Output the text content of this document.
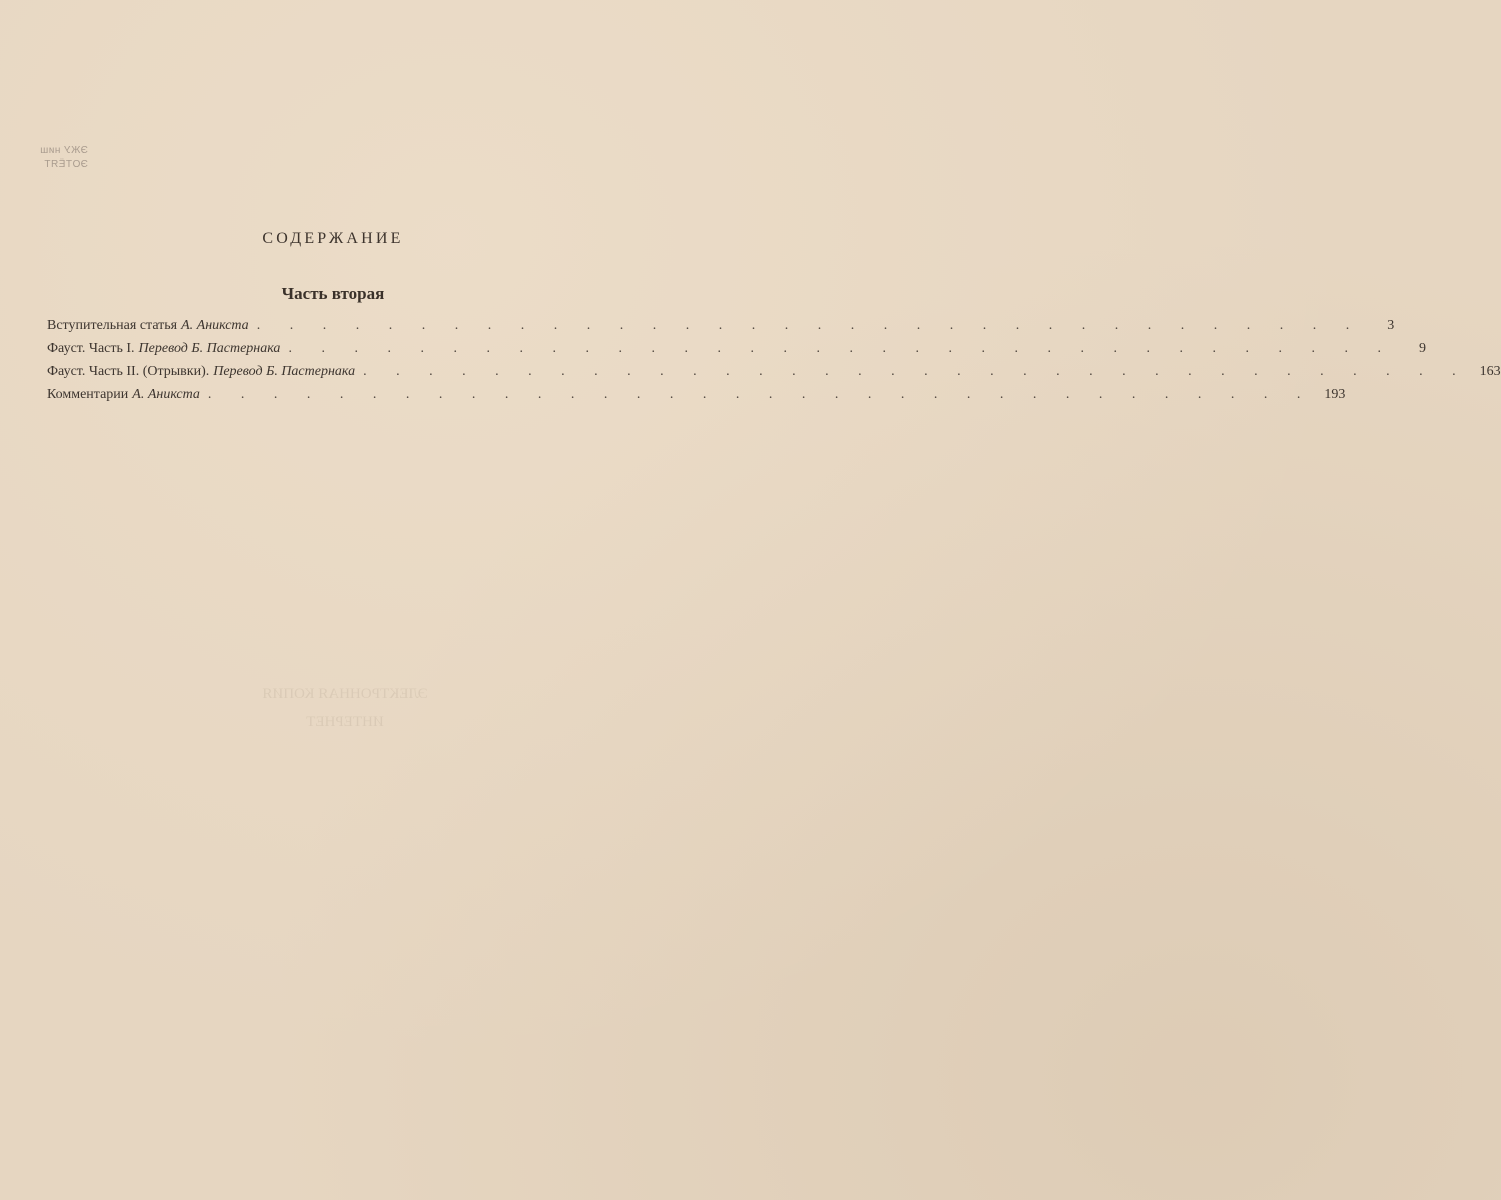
ЭЖУ ниш
ЭОТЁЯТ
ЭЛЕКТРОННАЯ КОПИЯ
ИНТЕРНЕТ
СОДЕРЖАНИЕ
Часть вторая
Вступительная статья А. Аникста . . . . . . . . . . . . . . . . . . . . . . . . . . . . . . . . . .	3
Фауст. Часть I. Перевод Б. Пастернака . . . . . . . . . . . . . . . . . . . . . . . . . . . . . . . . . .	9
Фауст. Часть II. (Отрывки). Перевод Б. Пастернака . . . . . . . . . . . . . . . . . . . . . . . . . . . . . . . . . . 163
Комментарии А. Аникста . . . . . . . . . . . . . . . . . . . . . . . . . . . . . . . . . . 193
